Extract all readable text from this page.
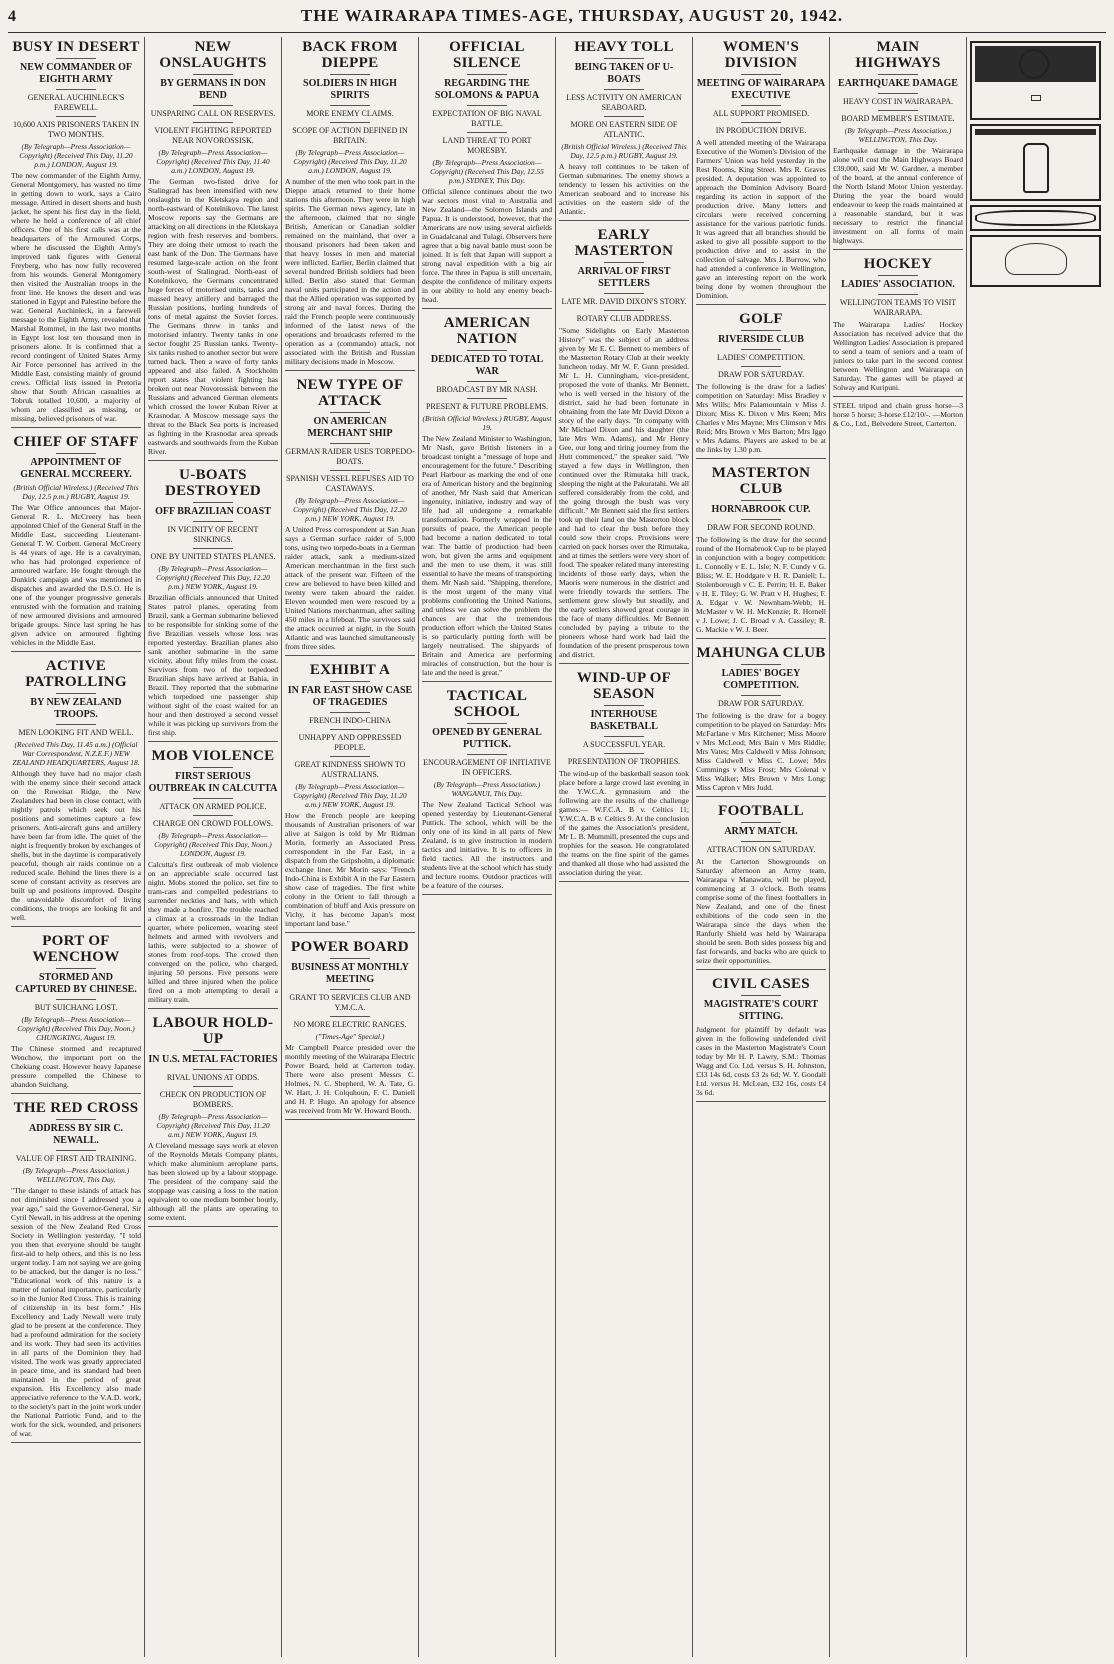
4	THE WAIRARAPA TIMES-AGE, THURSDAY, AUGUST 20, 1942.
BUSY IN DESERT
NEW COMMANDER OF EIGHTH ARMY
GENERAL AUCHINLECK'S FAREWELL.
10,600 AXIS PRISONERS TAKEN IN TWO MONTHS.
(By Telegraph—Press Association—Copyright) (Received This Day, 11.20 p.m.) LONDON, August 19.

The new commander of the Eighth Army, General Montgomery, has wasted no time in getting down to work, says a Cairo message. Attired in desert shorts and bush jacket, he spent his first day in the field, where he held a conference of all chief officers. One of his first calls was at the headquarters of the Armoured Corps, where he discussed the Eighth Army's improved tank figures with General Freyberg, who has now fully recovered from his wounds. General Montgomery then visited the Australian troops in the front line. He knows the desert and was stationed in Egypt and Palestine before the war. General Auchinleck, in a farewell message to the Eighth Army, revealed that Marshal Rommel, in the last two months in Egypt lost lost ten thousand men in prisoners alone. It is confirmed that a record contingent of United States Army Air Force personnel has arrived in the Middle East, consisting mainly of ground crews. Official lists issued in Pretoria show that South African casualties at Tobruk totalled 10,600, a majority of whom are classified as missing, or missing, believed prisoners of war.

CHIEF OF STAFF
APPOINTMENT OF GENERAL MCCREERY.
(British Official Wireless.) (Received This Day, 12.5 p.m.) RUGBY, August 19.

The War Office announces that Major-General R. L. McCreery has been appointed Chief of the General Staff in the Middle East, succeeding Lieutenant-General T. W. Corbett. General McCreery is 44 years of age. He is a cavalryman, who has had prolonged experience of armoured warfare. He fought through the Dunkirk campaign and was mentioned in dispatches and awarded the D.S.O. He is one of the younger progressive generals entrusted with the formation and training of new armoured divisions and armoured brigade groups. Since last spring he has given advice on armoured fighting vehicles in the Middle East.

ACTIVE PATROLLING
BY NEW ZEALAND TROOPS.
MEN LOOKING FIT AND WELL.
(Received This Day, 11.45 a.m.) (Official War Correspondent, N.Z.E.F.) NEW ZEALAND HEADQUARTERS, August 18.

Although they have had no major clash with the enemy since their second attack on the Ruweisat Ridge, the New Zealanders had been in close contact, with nightly patrols which seek out his positions and sometimes capture a few prisoners. Anti-aircraft guns and artillery have been far from idle. The quiet of the night is frequently broken by exchanges of shells, but in the daytime is comparatively peaceful, though air raids continue on a reduced scale. Behind the lines there is a scene of constant activity as reserves are built up and positions improved. Despite the unavoidable discomfort of living conditions, the troops are looking fit and well.

PORT OF WENCHOW
STORMED AND CAPTURED BY CHINESE.
BUT SUICHANG LOST.
(By Telegraph—Press Association—Copyright) (Received This Day, Noon.) CHUNGKING, August 19.

The Chinese stormed and recaptured Wenchow, the important port on the Chekiang coast. However heavy Japanese pressure compelled the Chinese to abandon Suichang.

THE RED CROSS
ADDRESS BY SIR C. NEWALL.
VALUE OF FIRST AID TRAINING.
(By Telegraph—Press Association.) WELLINGTON, This Day.

"The danger to these islands of attack has not diminished since I addressed you a year ago," said the Governor-General, Sir Cyril Newall, in his address at the opening session of the New Zealand Red Cross Society in Wellington yesterday. "I told you then that everyone should be taught first-aid to help others, and this is no less urgent today. I am not saying we are going to be attacked, but the danger is no less." "Educational work of this nature is a matter of national importance, particularly so in the Junior Red Cross. This is training of citizenship in its best form." His Excellency and Lady Newall were truly glad to be present at the conference. They had a profound admiration for the society and its work. They had seen its activities in all parts of the Dominion they had visited. The work was greatly appreciated in peace time, and its standard had been maintained in the period of great expansion. His Excellency also made appreciative reference to the V.A.D. work, to the society's part in the joint work under the National Patriotic Fund, and to the work for the sick, wounded, and prisoners of war.

NEW ONSLAUGHTS
BY GERMANS IN DON BEND
UNSPARING CALL ON RESERVES.
VIOLENT FIGHTING REPORTED NEAR NOVOROSSISK.
(By Telegraph—Press Association—Copyright) (Received This Day, 11.40 a.m.) LONDON, August 19.

The German two-fisted drive for Stalingrad has been intensified with new onslaughts in the Kletskaya region and north-eastward of Kotelnikovo. The latest Moscow reports say the Germans are attacking on all directions in the Kletskaya region with fresh reserves and bombers. They are doing their utmost to reach the east bank of the Don. The Germans have resumed large-scale action on the front south-west of Stalingrad. North-east of Kotelnikovo, the Germans concentrated huge forces of motorised units, tanks and massed heavy artillery and barraged the Russian positions, hurling hundreds of tons of metal against the Soviet forces. The Germans threw in tanks and motorised infantry. Twenty tanks in one sector fought 25 Russian tanks. Twenty-six tanks rushed to another sector but were turned back. Then a wave of forty tanks appeared and also failed. A Stockholm report states that violent fighting has broken out near Novorossisk between the Russians and advanced German elements which crossed the lower Kuban River at Krasnodar. A Moscow message says the threat to the Black Sea ports is increased as fighting in the Krasnodar area spreads eastwards and southwards from the Kuban River.

U-BOATS DESTROYED
OFF BRAZILIAN COAST
IN VICINITY OF RECENT SINKINGS.
ONE BY UNITED STATES PLANES.
(By Telegraph—Press Association—Copyright) (Received This Day, 12.20 p.m.) NEW YORK, August 19.

Brazilian officials announced that United States patrol planes, operating from Brazil, sank a German submarine believed to be responsible for sinking some of the five Brazilian vessels whose loss was reported yesterday. Brazilian planes also sank another submarine in the same vicinity, about fifty miles from the coast. Survivors from two of the torpedoed Brazilian ships have arrived at Bahia, in Brazil. They reported that the submarine which torpedoed one passenger ship without sight of the coast waited for an hour and then destroyed a second vessel while it was picking up survivors from the first ship.

MOB VIOLENCE
FIRST SERIOUS OUTBREAK IN CALCUTTA
ATTACK ON ARMED POLICE.
CHARGE ON CROWD FOLLOWS.
(By Telegraph—Press Association—Copyright) (Received This Day, Noon.) LONDON, August 19.

Calcutta's first outbreak of mob violence on an appreciable scale occurred last night. Mobs stoned the police, set fire to tram-cars and compelled pedestrians to surrender neckties and hats, with which they made a bonfire. The trouble reached a climax at a crossroads in the Indian quarter, where policemen, wearing steel helmets and armed with revolvers and lathis, were subjected to a shower of stones from roof-tops. The crowd then converged on the police, who charged, injuring 50 persons. Five persons were killed and three injured when the police fired on a mob attempting to derail a military train.

LABOUR HOLD-UP
IN U.S. METAL FACTORIES
RIVAL UNIONS AT ODDS.
CHECK ON PRODUCTION OF BOMBERS.
(By Telegraph—Press Association—Copyright) (Received This Day, 11.20 a.m.) NEW YORK, August 19.

A Cleveland message says work at eleven of the Reynolds Metals Company plants, which make aluminium aeroplane parts, has been slowed up by a labour stoppage. The president of the company said the stoppage was causing a loss to the nation equivalent to one medium bomber hourly, although all the plants are operating to some extent.

BACK FROM DIEPPE
SOLDIERS IN HIGH SPIRITS
MORE ENEMY CLAIMS.
SCOPE OF ACTION DEFINED IN BRITAIN.
(By Telegraph—Press Association—Copyright) (Received This Day, 11.20 a.m.) LONDON, August 19.

A number of the men who took part in the Dieppe attack returned to their home stations this afternoon. They were in high spirits. The German news agency, late in the afternoon, claimed that no single British, American or Canadian soldier remained on the mainland, that over a thousand prisoners had been taken and that heavy losses in men and material were inflicted. Earlier, Berlin claimed that several hundred British soldiers had been killed. Berlin also stated that German naval units participated in the action and that the Allied operation was supported by strong air and naval forces. During the raid the French people were continuously informed of the latest news of the operations and broadcasts referred to the operation as a (commando) attack, not associated with the British and Russian military decisions made in Moscow.

NEW TYPE OF ATTACK
ON AMERICAN MERCHANT SHIP
GERMAN RAIDER USES TORPEDO-BOATS.
SPANISH VESSEL REFUSES AID TO CASTAWAYS.
(By Telegraph—Press Association—Copyright) (Received This Day, 12.20 p.m.) NEW YORK, August 19.

A United Press correspondent at San Juan says a German surface raider of 5,000 tons, using two torpedo-boats in a German raider attack, sank a medium-sized American merchantman in the first such attack of the present war. Fifteen of the crew are believed to have been killed and twenty were taken aboard the raider. Eleven wounded men were rescued by a United Nations merchantman, after sailing 450 miles in a lifeboat. The survivors said the attack occurred at night, in the South Atlantic and was launched simultaneously from three sides.

EXHIBIT A
IN FAR EAST SHOW CASE OF TRAGEDIES
FRENCH INDO-CHINA
UNHAPPY AND OPPRESSED PEOPLE.
GREAT KINDNESS SHOWN TO AUSTRALIANS.
(By Telegraph—Press Association—Copyright) (Received This Day, 11.20 a.m.) NEW YORK, August 19.

How the French people are keeping thousands of Australian prisoners of war alive at Saigon is told by Mr Ridman Morin, formerly an Associated Press correspondent in the Far East, in a dispatch from the Gripsholm, a diplomatic exchange liner. Mr Morin says: "French Indo-China is Exhibit A in the Far Eastern show case of tragedies. The first white colony in the Orient to fall through a combination of bluff and Axis pressure on Vichy, it has become Japan's most important land base."

POWER BOARD
BUSINESS AT MONTHLY MEETING
GRANT TO SERVICES CLUB AND Y.M.C.A.
NO MORE ELECTRIC RANGES.
("Times-Age" Special.)

Mr Campbell Pearce presided over the monthly meeting of the Wairarapa Electric Power Board, held at Carterton today. There were also present Messrs C. Holmes, N. C. Shepherd, W. A. Tate, G. W. Hart, J. H. Colquhoun, F. C. Daniell and H. P. Hugo. An apology for absence was received from Mr W. Howard Booth.

OFFICIAL SILENCE
REGARDING THE SOLOMONS & PAPUA
EXPECTATION OF BIG NAVAL BATTLE.
LAND THREAT TO PORT MORESBY.
(By Telegraph—Press Association—Copyright) (Received This Day, 12.55 p.m.) SYDNEY, This Day.

Official silence continues about the two war sectors most vital to Australia and New Zealand—the Solomon Islands and Papua. It is understood, however, that the Americans are now using several airfields in Guadalcanal and Tulagi. Observers here agree that a big naval battle must soon be joined. It is felt that Japan will support a strong naval expedition with a big air force. The three in Papua is still uncertain, despite the confidence of military experts in our ability to hold any enemy beach-head.

AMERICAN NATION
DEDICATED TO TOTAL WAR
BROADCAST BY MR NASH.
PRESENT & FUTURE PROBLEMS.
(British Official Wireless.) RUGBY, August 19.

The New Zealand Minister to Washington, Mr Nash, gave British listeners in a broadcast tonight a "message of hope and encouragement for the future." Describing Pearl Harbour as marking the end of one era of American history and the beginning of another, Mr Nash said that American ingenuity, initiative, industry and way of life had all undergone a remarkable transformation. Formerly wrapped in the pursuits of peace, the American people had become a nation dedicated to total war. The battle of production had been won, but given the arms and equipment and the men to use them, it was still essential to have the means of transporting them. Mr Nash said. "Shipping, therefore, is the most urgent of the many vital problems confronting the United Nations, and unless we can solve the problem the chances are that the tremendous production effort which the United States is so particularly putting forth will be largely neutralised. The shipyards of Britain and America are performing miracles of construction, but the hour is late and the need is great."

TACTICAL SCHOOL
OPENED BY GENERAL PUTTICK.
ENCOURAGEMENT OF INITIATIVE IN OFFICERS.
(By Telegraph—Press Association.) WANGANUI, This Day.

The New Zealand Tactical School was opened yesterday by Lieutenant-General Puttick. The school, which will be the only one of its kind in all parts of New Zealand, is to give instruction in modern tactics and initiative. It is to officers in field tactics. All the instructors and students live at the school which has study and lecture rooms. Outdoor practices will be a feature of the courses.

HEAVY TOLL
BEING TAKEN OF U-BOATS
LESS ACTIVITY ON AMERICAN SEABOARD.
MORE ON EASTERN SIDE OF ATLANTIC.
(British Official Wireless.) (Received This Day, 12.5 p.m.) RUGBY, August 19.

A heavy toll continues to be taken of German submarines. The enemy shows a tendency to lessen his activities on the American seaboard and to increase his activities on the eastern side of the Atlantic.

EARLY MASTERTON
ARRIVAL OF FIRST SETTLERS
LATE MR. DAVID DIXON'S STORY.
ROTARY CLUB ADDRESS.

"Some Sidelights on Early Masterton History" was the subject of an address given by Mr E. C. Bennett to members of the Masterton Rotary Club at their weekly luncheon today. Mr W. F. Gunn presided. Mr L. H. Cunningham, vice-president, proposed the vote of thanks. Mr Bennett, who is well versed in the history of the district, said he had been fortunate in obtaining from the late Mr David Dixon a story of the early days. "In company with Mr Michael Dixon and his daughter (the late Mrs Wm. Adams), and Mr Henry Gee, our long and tiring journey from the Hutt commenced," the speaker said. "We stayed a few days in Wellington, then continued over the Rimutaka hill track, sleeping the night at the Pakuratahi. We all suffered considerably from the cold, and the going through the bush was very difficult." Mr Bennett said the first settlers took up their land on the Masterton block and had to clear the bush before they could sow their crops. Provisions were carried on pack horses over the Rimutaka, and at times the settlers were very short of food. The speaker related many interesting incidents of those early days, when the Maoris were numerous in the district and were friendly towards the settlers. The settlement grew slowly but steadily, and the early settlers showed great courage in the face of many difficulties. Mr Bennett concluded by paying a tribute to the pioneers whose hard work had laid the foundation of the present prosperous town and district.

WIND-UP OF SEASON
INTERHOUSE BASKETBALL
A SUCCESSFUL YEAR.
PRESENTATION OF TROPHIES.

The wind-up of the basketball season took place before a large crowd last evening in the Y.W.C.A. gymnasium and the following are the results of the challenge games:— W.F.C.A. B v. Celtics 11; Y.W.C.A. B v. Celtics 9. At the conclusion of the games the Association's president, Mr L. B. Mummill, presented the cups and trophies for the season. He congratulated the teams on the fine spirit of the games and thanked all those who had assisted the association during the year.

WOMEN'S DIVISION
MEETING OF WAIRARAPA EXECUTIVE
ALL SUPPORT PROMISED.
IN PRODUCTION DRIVE.

A well attended meeting of the Wairarapa Executive of the Women's Division of the Farmers' Union was held yesterday in the Rest Rooms, King Street. Mrs R. Graves presided. A deputation was appointed to approach the Dominion Advisory Board regarding its action in support of the production drive. Many letters and circulars were received concerning assistance for the various patriotic funds. It was agreed that all branches should be asked to give all possible support to the production drive and to assist in the collection of salvage. Mrs J. Burrow, who had attended a conference in Wellington, gave an interesting report on the work being done by women throughout the Dominion.

GOLF
RIVERSIDE CLUB
LADIES' COMPETITION.
DRAW FOR SATURDAY.

The following is the draw for a ladies' competition on Saturday: Miss Bradley v Mrs Wills; Mrs Palamountain v Miss J. Dixon; Miss K. Dixon v Mrs Keen; Mrs Charles v Mrs Mayne; Mrs Climson v Mrs Reid; Mrs Brown v Mrs Barton; Mrs Iggo v Mrs Adams. Players are asked to be at the links by 1.30 p.m.

MASTERTON CLUB
HORNABROOK CUP.
DRAW FOR SECOND ROUND.

The following is the draw for the second round of the Hornabrook Cup to be played in conjunction with a bogey competition: L. Connolly v E. L. Isle; N. F. Cundy v G. Bliss; W. E. Hoddgate v H. R. Daniell; L. Stolenborough v C. E. Perrin; H. E. Baker v H. E. Tiley; G. W. Pratt v H. Hughes; F. A. Edgar v W. Newnham-Webb; H. McMaster v W. H. McKenzie; R. Hornell v J. Lowe; J. C. Broad v A. Cassiley; R. G. Mackie v W. J. Beer.

MAHUNGA CLUB
LADIES' BOGEY COMPETITION.
DRAW FOR SATURDAY.

The following is the draw for a bogey competition to be played on Saturday: Mrs McFarlane v Mrs Kitchener; Miss Moore v Mrs McLeod; Mrs Bain v Mrs Riddle; Mrs Vates; Mrs Caldwell v Miss Johnson; Miss Caldwell v Miss C. Lowe; Mrs Cummings v Miss Frost; Mrs Colenal v Miss Walker; Mrs Brown v Mrs Long; Miss Capron v Mrs Judd.

FOOTBALL
ARMY MATCH.
ATTRACTION ON SATURDAY.

At the Carterton Showgrounds on Saturday afternoon an Army team, Wairarapa v Manawatu, will be played, commencing at 3 o'clock. Both teams comprise some of the finest footballers in New Zealand, and one of the finest exhibitions of the code seen in the Wairarapa since the days when the Ranfurly Shield was held by Wairarapa should be seen. Both sides possess big and fast forwards, and backs who are quick to seize their opportunities.

CIVIL CASES
MAGISTRATE'S COURT SITTING.

Judgment for plaintiff by default was given in the following undefended civil cases in the Masterton Magistrate's Court today by Mr H. P. Lawry, S.M.: Thomas Wagg and Co. Ltd. versus S. H. Johnston, £33 14s 6d, costs £3 2s 6d; W. Y. Goodall Ltd. versus H. McLean, £32 16s, costs £4 3s 6d.

MAIN HIGHWAYS
EARTHQUAKE DAMAGE
HEAVY COST IN WAIRARAPA.
BOARD MEMBER'S ESTIMATE.
(By Telegraph—Press Association.) WELLINGTON, This Day.

Earthquake damage in the Wairarapa alone will cost the Main Highways Board £39,000, said Mr W. Gardner, a member of the board, at the annual conference of the North Island Motor Union yesterday. During the year the board would endeavour to keep the roads maintained at a reasonable standard, but it was necessary to restrict the financial investment on all forms of main highways.

HOCKEY
LADIES' ASSOCIATION.
WELLINGTON TEAMS TO VISIT WAIRARAPA.

The Wairarapa Ladies' Hockey Association has received advice that the Wellington Ladies' Association is prepared to send a team of seniors and a team of juniors to take part in the second contest between Wellington and Wairarapa on Saturday. The games will be played at Solway and Kuripuni.

STEEL tripod and chain gruss horse—3 horse 5 horse; 3-horse £12/10/-. —Morton & Co., Ltd., Belvedere Street, Carterton.
